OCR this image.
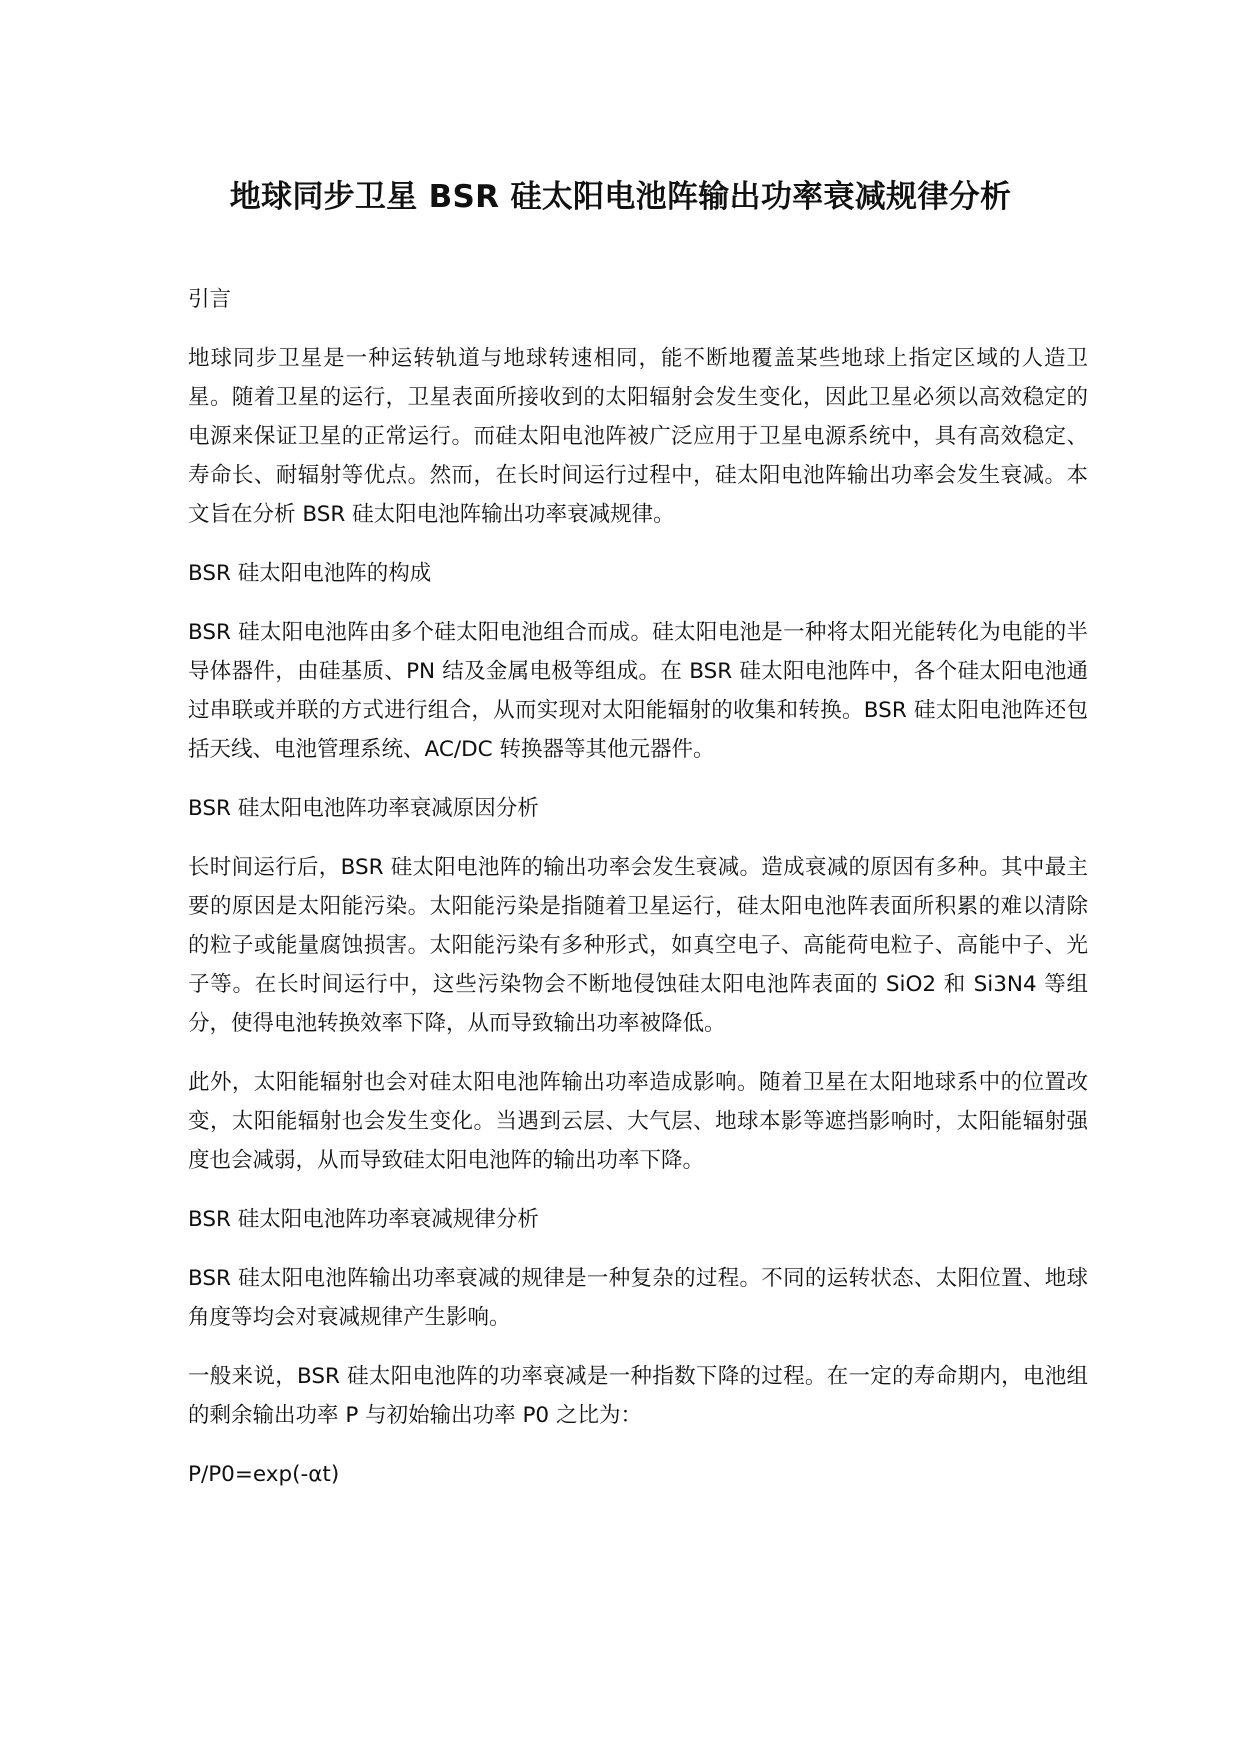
地球同步卫星 BSR 硅太阳电池阵输出功率衰减规律分析

引言

地球同步卫星是一种运转轨道与地球转速相同，能不断地覆盖某些地球上指定区域的人造卫星。随着卫星的运行，卫星表面所接收到的太阳辐射会发生变化，因此卫星必须以高效稳定的电源来保证卫星的正常运行。而硅太阳电池阵被广泛应用于卫星电源系统中，具有高效稳定、寿命长、耐辐射等优点。然而，在长时间运行过程中，硅太阳电池阵输出功率会发生衰减。本文旨在分析 BSR 硅太阳电池阵输出功率衰减规律。

BSR 硅太阳电池阵的构成

BSR 硅太阳电池阵由多个硅太阳电池组合而成。硅太阳电池是一种将太阳光能转化为电能的半导体器件，由硅基质、PN 结及金属电极等组成。在 BSR 硅太阳电池阵中，各个硅太阳电池通过串联或并联的方式进行组合，从而实现对太阳能辐射的收集和转换。BSR 硅太阳电池阵还包括天线、电池管理系统、AC/DC 转换器等其他元器件。

BSR 硅太阳电池阵功率衰减原因分析

长时间运行后，BSR 硅太阳电池阵的输出功率会发生衰减。造成衰减的原因有多种。其中最主要的原因是太阳能污染。太阳能污染是指随着卫星运行，硅太阳电池阵表面所积累的难以清除的粒子或能量腐蚀损害。太阳能污染有多种形式，如真空电子、高能荷电粒子、高能中子、光子等。在长时间运行中，这些污染物会不断地侵蚀硅太阳电池阵表面的 SiO2 和 Si3N4 等组分，使得电池转换效率下降，从而导致输出功率被降低。

此外，太阳能辐射也会对硅太阳电池阵输出功率造成影响。随着卫星在太阳地球系中的位置改变，太阳能辐射也会发生变化。当遇到云层、大气层、地球本影等遮挡影响时，太阳能辐射强度也会减弱，从而导致硅太阳电池阵的输出功率下降。

BSR 硅太阳电池阵功率衰减规律分析

BSR 硅太阳电池阵输出功率衰减的规律是一种复杂的过程。不同的运转状态、太阳位置、地球角度等均会对衰减规律产生影响。

一般来说，BSR 硅太阳电池阵的功率衰减是一种指数下降的过程。在一定的寿命期内，电池组的剩余输出功率 P 与初始输出功率 P0 之比为：

P/P0=exp(-αt)
